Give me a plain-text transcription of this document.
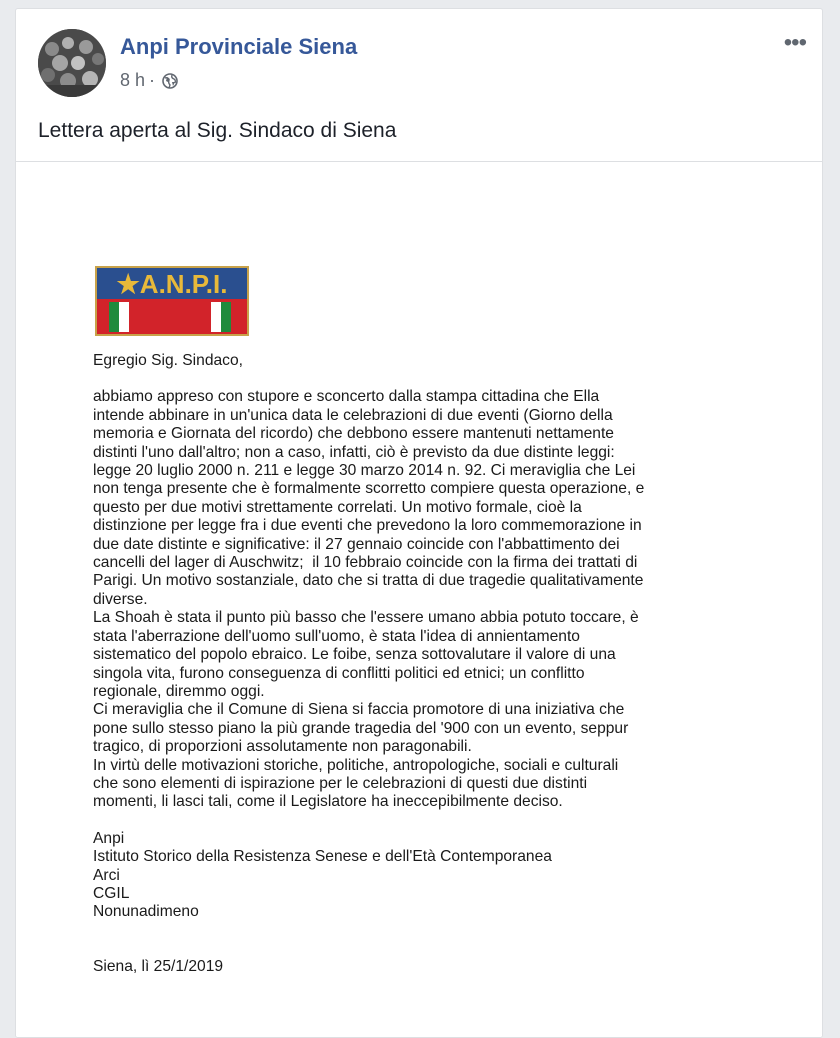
Anpi Provinciale Siena
8 h ·
•••
Lettera aperta al Sig. Sindaco di Siena
★A.N.P.I.

Egregio Sig. Sindaco,

abbiamo appreso con stupore e sconcerto dalla stampa cittadina che Ella

intende abbinare in un'unica data le celebrazioni di due eventi (Giorno della

memoria e Giornata del ricordo) che debbono essere mantenuti nettamente

distinti l'uno dall'altro; non a caso, infatti, ciò è previsto da due distinte leggi:

legge 20 luglio 2000 n. 211 e legge 30 marzo 2014 n. 92. Ci meraviglia che Lei

non tenga presente che è formalmente scorretto compiere questa operazione, e

questo per due motivi strettamente correlati. Un motivo formale, cioè la

distinzione per legge fra i due eventi che prevedono la loro commemorazione in

due date distinte e significative: il 27 gennaio coincide con l'abbattimento dei

cancelli del lager di Auschwitz;  il 10 febbraio coincide con la firma dei trattati di

Parigi. Un motivo sostanziale, dato che si tratta di due tragedie qualitativamente

diverse.

La Shoah è stata il punto più basso che l'essere umano abbia potuto toccare, è

stata l'aberrazione dell'uomo sull'uomo, è stata l'idea di annientamento

sistematico del popolo ebraico. Le foibe, senza sottovalutare il valore di una

singola vita, furono conseguenza di conflitti politici ed etnici; un conflitto

regionale, diremmo oggi.

Ci meraviglia che il Comune di Siena si faccia promotore di una iniziativa che

pone sullo stesso piano la più grande tragedia del '900 con un evento, seppur

tragico, di proporzioni assolutamente non paragonabili.

In virtù delle motivazioni storiche, politiche, antropologiche, sociali e culturali

che sono elementi di ispirazione per le celebrazioni di questi due distinti

momenti, li lasci tali, come il Legislatore ha ineccepibilmente deciso.

Anpi

Istituto Storico della Resistenza Senese e dell'Età Contemporanea

Arci

CGIL

Nonunadimeno

Siena, lì 25/1/2019
